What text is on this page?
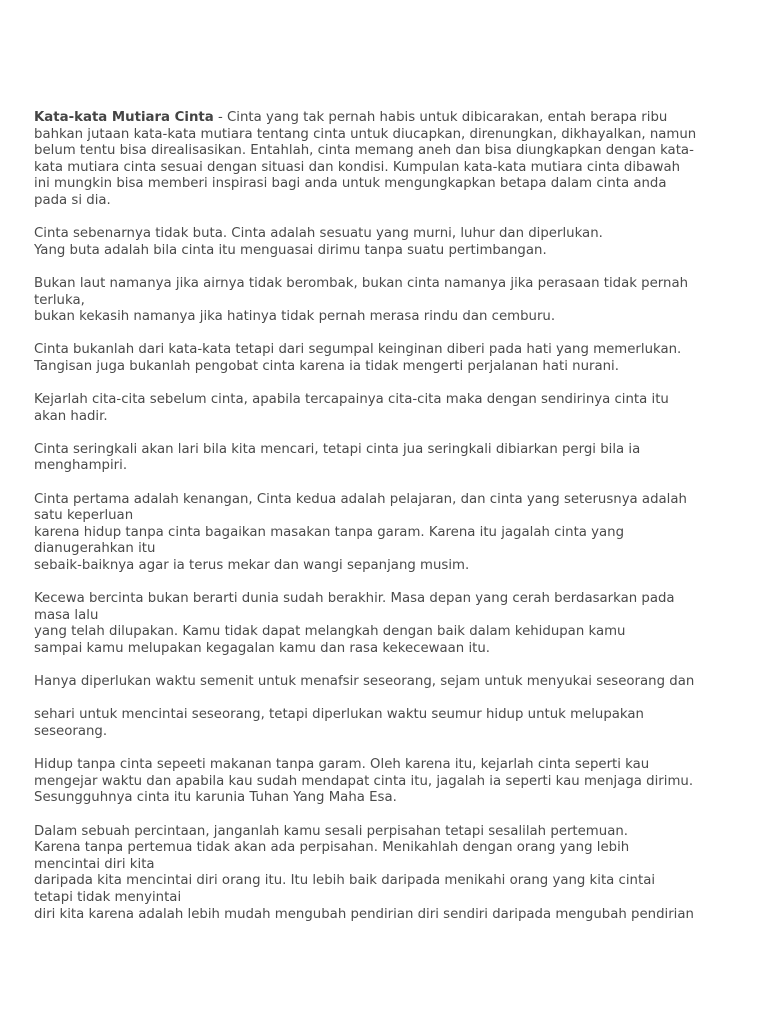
Kata-kata Mutiara Cinta - Cinta yang tak pernah habis untuk dibicarakan, entah berapa ribu
bahkan jutaan kata-kata mutiara tentang cinta untuk diucapkan, direnungkan, dikhayalkan, namun
belum tentu bisa direalisasikan. Entahlah, cinta memang aneh dan bisa diungkapkan dengan kata-
kata mutiara cinta sesuai dengan situasi dan kondisi. Kumpulan kata-kata mutiara cinta dibawah
ini mungkin bisa memberi inspirasi bagi anda untuk mengungkapkan betapa dalam cinta anda
pada si dia.

Cinta sebenarnya tidak buta. Cinta adalah sesuatu yang murni, luhur dan diperlukan.
Yang buta adalah bila cinta itu menguasai dirimu tanpa suatu pertimbangan.

Bukan laut namanya jika airnya tidak berombak, bukan cinta namanya jika perasaan tidak pernah
terluka,
bukan kekasih namanya jika hatinya tidak pernah merasa rindu dan cemburu.

Cinta bukanlah dari kata-kata tetapi dari segumpal keinginan diberi pada hati yang memerlukan.
Tangisan juga bukanlah pengobat cinta karena ia tidak mengerti perjalanan hati nurani.

Kejarlah cita-cita sebelum cinta, apabila tercapainya cita-cita maka dengan sendirinya cinta itu
akan hadir.

Cinta seringkali akan lari bila kita mencari, tetapi cinta jua seringkali dibiarkan pergi bila ia
menghampiri.

Cinta pertama adalah kenangan, Cinta kedua adalah pelajaran, dan cinta yang seterusnya adalah
satu keperluan
karena hidup tanpa cinta bagaikan masakan tanpa garam. Karena itu jagalah cinta yang
dianugerahkan itu
sebaik-baiknya agar ia terus mekar dan wangi sepanjang musim.

Kecewa bercinta bukan berarti dunia sudah berakhir. Masa depan yang cerah berdasarkan pada
masa lalu
yang telah dilupakan. Kamu tidak dapat melangkah dengan baik dalam kehidupan kamu
sampai kamu melupakan kegagalan kamu dan rasa kekecewaan itu.

Hanya diperlukan waktu semenit untuk menafsir seseorang, sejam untuk menyukai seseorang dan

sehari untuk mencintai seseorang, tetapi diperlukan waktu seumur hidup untuk melupakan
seseorang.

Hidup tanpa cinta sepeeti makanan tanpa garam. Oleh karena itu, kejarlah cinta seperti kau
mengejar waktu dan apabila kau sudah mendapat cinta itu, jagalah ia seperti kau menjaga dirimu.
Sesungguhnya cinta itu karunia Tuhan Yang Maha Esa.

Dalam sebuah percintaan, janganlah kamu sesali perpisahan tetapi sesalilah pertemuan.
Karena tanpa pertemua tidak akan ada perpisahan. Menikahlah dengan orang yang lebih
mencintai diri kita
daripada kita mencintai diri orang itu. Itu lebih baik daripada menikahi orang yang kita cintai
tetapi tidak menyintai
diri kita karena adalah lebih mudah mengubah pendirian diri sendiri daripada mengubah pendirian
